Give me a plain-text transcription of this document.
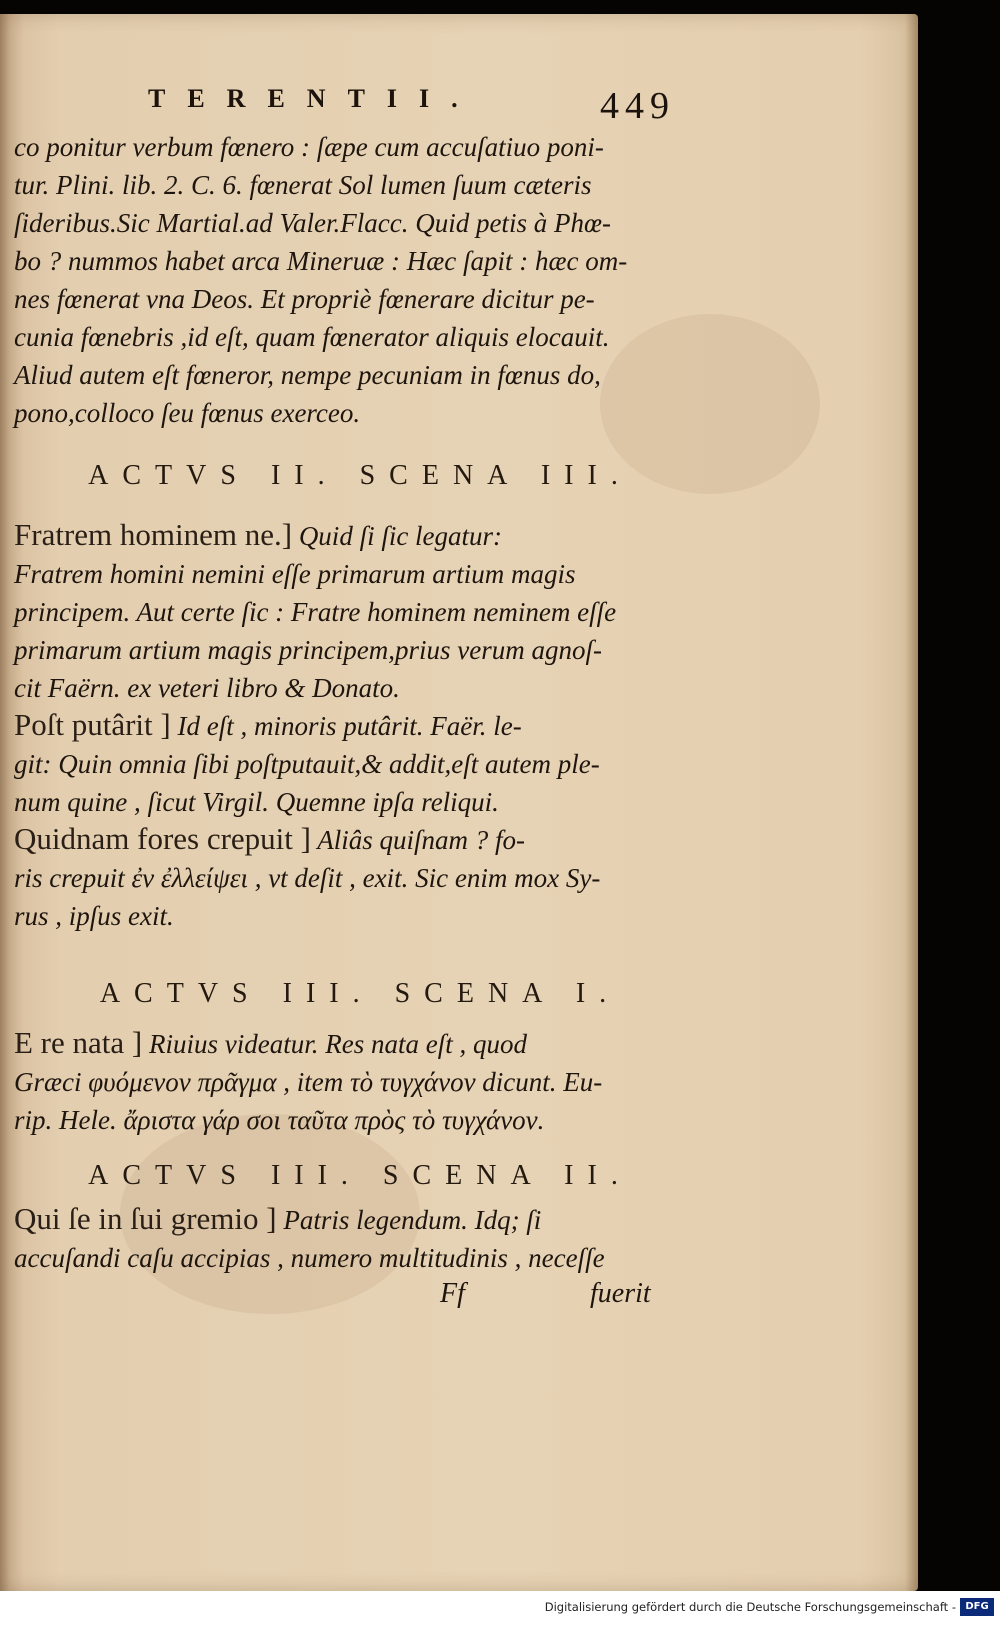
TERENTII.	449
co ponitur verbum fœnero : ſæpe cum accuſatiuo poni-
tur. Plini. lib. 2. C. 6. fœnerat Sol lumen ſuum cæteris
ſideribus.Sic Martial.ad Valer.Flacc. Quid petis à Phœ-
bo ? nummos habet arca Mineruæ : Hæc ſapit : hæc om-
nes fœnerat vna Deos. Et propriè fœnerare dicitur pe-
cunia fœnebris ,id eſt, quam fœnerator aliquis elocauit.
Aliud autem eſt fœneror, nempe pecuniam in fœnus do,
pono,colloco ſeu fœnus exerceo.
ACTVS II. SCENA III.
Fratrem hominem ne.] Quid ſi ſic legatur:
Fratrem homini nemini eſſe primarum artium magis
principem. Aut certe ſic : Fratre hominem neminem eſſe
primarum artium magis principem,prius verum agnoſ-
cit Faërn. ex veteri libro & Donato.
Poſt putârit ] Id eſt , minoris putârit. Faër. le-
git: Quin omnia ſibi poſtputauit,& addit,eſt autem ple-
num quine , ſicut Virgil. Quemne ipſa reliqui.
Quidnam fores crepuit ] Aliâs quiſnam ? fo-
ris crepuit ἐν ἐλλείψει , vt deſit , exit. Sic enim mox Sy-
rus , ipſus exit.
ACTVS III. SCENA I.
E re nata ] Riuius videatur. Res nata eſt , quod
Græci φυόμενον πρᾶγμα , item τὸ τυγχάνον dicunt. Eu-
rip. Hele. ἄριστα γάρ σοι ταῦτα πρὸς τὸ τυγχάνον.
ACTVS III. SCENA II.
Qui ſe in ſui gremio ] Patris legendum. Idq; ſi
accuſandi caſu accipias , numero multitudinis , neceſſe
Ff	fuerit
Digitalisierung gefördert durch die Deutsche Forschungsgemeinschaft - DFG
